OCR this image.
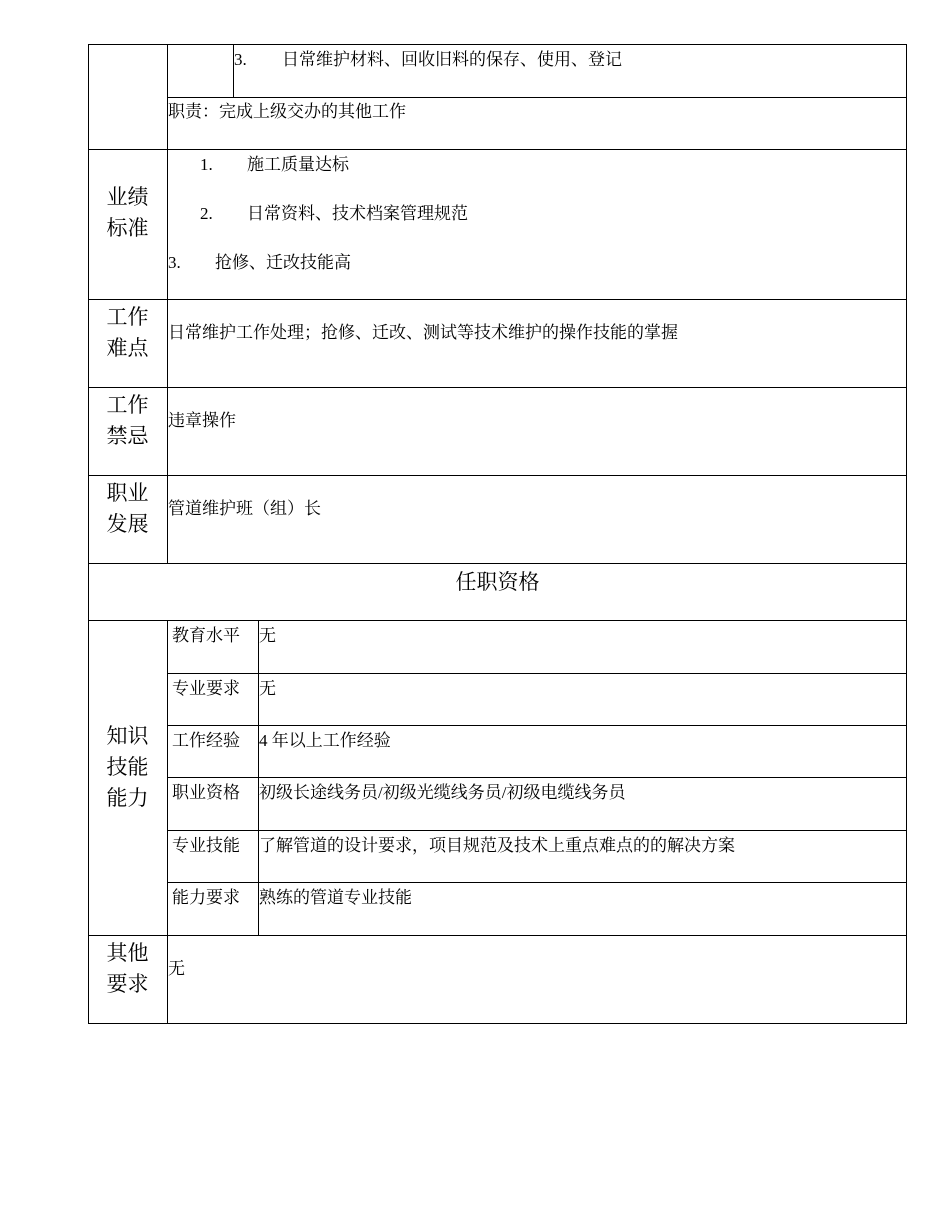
3. 日常维护材料、回收旧料的保存、使用、登记
职责：完成上级交办的其他工作
业绩
标准
1. 施工质量达标
2. 日常资料、技术档案管理规范
3. 抢修、迁改技能高
工作
难点
日常维护工作处理；抢修、迁改、测试等技术维护的操作技能的掌握
工作
禁忌
违章操作
职业
发展
管道维护班（组）长
任职资格
知识
技能
能力
教育水平 无
专业要求 无
工作经验 4 年以上工作经验
职业资格 初级长途线务员/初级光缆线务员/初级电缆线务员
专业技能 了解管道的设计要求，项目规范及技术上重点难点的的解决方案
能力要求 熟练的管道专业技能
其他
要求
无
